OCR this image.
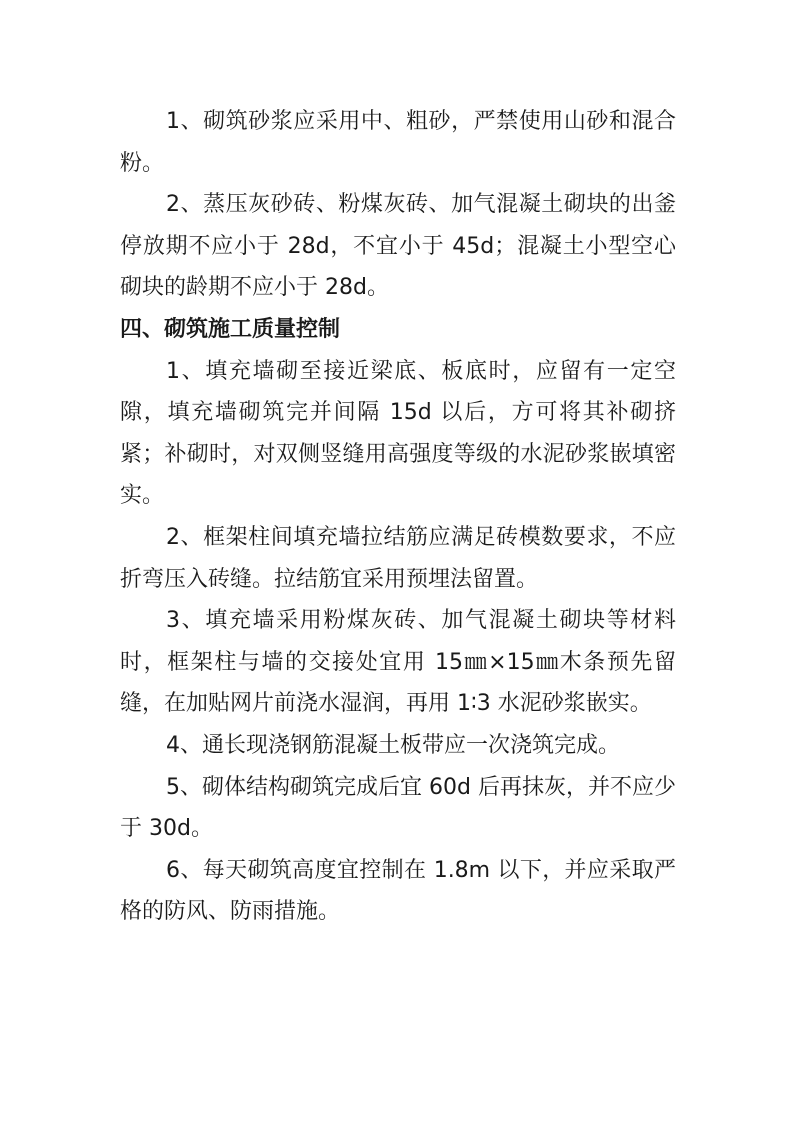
1、砌筑砂浆应采用中、粗砂，严禁使用山砂和混合粉。

2、蒸压灰砂砖、粉煤灰砖、加气混凝土砌块的出釜停放期不应小于 28d，不宜小于 45d；混凝土小型空心砌块的龄期不应小于 28d。

四、砌筑施工质量控制

1、填充墙砌至接近梁底、板底时，应留有一定空隙，填充墙砌筑完并间隔 15d 以后，方可将其补砌挤紧；补砌时，对双侧竖缝用高强度等级的水泥砂浆嵌填密实。

2、框架柱间填充墙拉结筋应满足砖模数要求，不应折弯压入砖缝。拉结筋宜采用预埋法留置。

3、填充墙采用粉煤灰砖、加气混凝土砌块等材料时，框架柱与墙的交接处宜用 15㎜×15㎜木条预先留缝，在加贴网片前浇水湿润，再用 1∶3 水泥砂浆嵌实。

4、通长现浇钢筋混凝土板带应一次浇筑完成。

5、砌体结构砌筑完成后宜 60d 后再抹灰，并不应少于 30d。

6、每天砌筑高度宜控制在 1.8m 以下，并应采取严格的防风、防雨措施。
